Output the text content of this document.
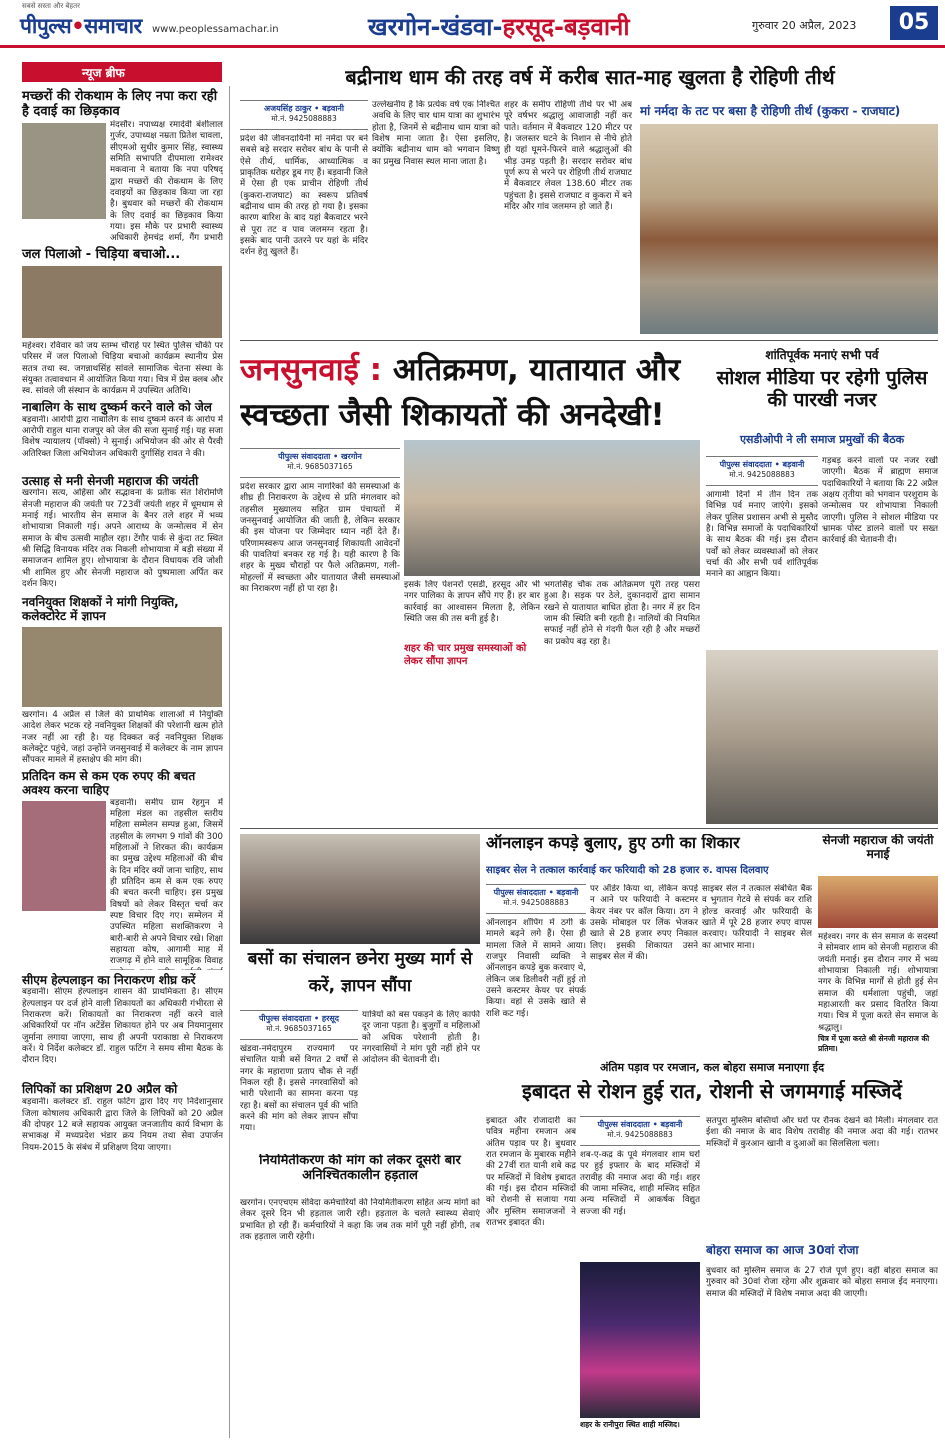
सबसे सस्ता और बेहतर
पीपुल्स•समाचार www.peoplessamachar.in	खरगोन-खंडवा-हरसूद-बड़वानी	गुरुवार 20 अप्रैल, 2023	05
न्यूज ब्रीफ
मच्छरों की रोकथाम के लिए नपा करा रही है दवाई का छिड़काव
मंदसौर। नपाध्यक्ष रमादेवी बंशीलाल गुर्जर, उपाध्यक्ष नम्रता प्रितेश चावला, सीएमओ सुधीर कुमार सिंह, स्वास्थ्य समिति सभापति दीपमाला रामेश्वर मकवाना ने बताया कि नपा परिषद् द्वारा मच्छरों की रोकथाम के लिए दवाइयों का छिड़काव किया जा रहा है। बुधवार को मच्छरों की रोकथाम के लिए दवाई का छिड़काव किया गया। इस मौके पर प्रभारी स्वास्थ्य अधिकारी हेमचंद्र शर्मा, गैंग प्रभारी
जल पिलाओ - चिड़िया बचाओ...
महेश्वर। रविवार को जय स्तम्भ चौराहे पर स्थित पुलिस चौकी पर परिसर में जल पिलाओ चिड़िया बचाओ कार्यक्रम स्थानीय प्रेस सतत्र तथा स्व. जगन्नाथसिंह सांवले सामाजिक चेतना संस्था के संयुक्त तत्वावधान में आयोजित किया गया। चित्र में प्रेस क्लब और स्व. सांवले जी संस्थान के कार्यक्रम में उपस्थित अतिथि।
नाबालिग के साथ दुष्कर्म करने वाले को जेल
बड़वानी। आरोपी द्वारा नाबालिग के साथ दुष्कर्म करने के आरोप में आरोपी राहुल थाना राजपुर को जेल की सजा सुनाई गई। यह सजा विशेष न्यायालय (पॉक्सो) ने सुनाई। अभियोजन की ओर से पैरवी अतिरिक्त जिला अभियोजन अधिकारी दुर्गासिंह रावत ने की।
उत्साह से मनी सेनजी महाराज की जयंती
खरगोन। सत्य, अहिंसा और सद्भावना के प्रतीक संत शिरोमणि सेनजी महाराज की जयंती पर 723वीं जयंती शहर में धूमधाम से मनाई गई। भारतीय सेन समाज के बैनर तले शहर में भव्य शोभायात्रा निकाली गई। अपने आराध्य के जन्मोत्सव में सेन समाज के बीच उत्सवी माहौल रहा। टेंगौर पार्क से कुंदा तट स्थित श्री सिद्धि विनायक मंदिर तक निकली शोभायात्रा में बड़ी संख्या में समाजजन शामिल हुए। शोभायात्रा के दौरान विधायक रवि जोशी भी शामिल हुए और सेनजी महाराज को पुष्पमाला अर्पित कर दर्शन किए।
नवनियुक्त शिक्षकों ने मांगी नियुक्ति, कलेक्टोरेट में ज्ञापन
खरगोन। 4 अप्रैल से जिले की प्राथमिक शालाओं में नियुक्ति आदेश लेकर भटक रहे नवनियुक्त शिक्षकों की परेशानी खत्म होते नजर नहीं आ रही है। यह दिक्कत कई नवनियुक्त शिक्षक कलेक्ट्रेट पहुंचे, जहां उन्होंने जनसुनवाई में कलेक्टर के नाम ज्ञापन सौंपकर मामले में हस्तक्षेप की मांग की।
प्रतिदिन कम से कम एक रुपए की बचत अवश्य करना चाहिए
बड़वानी। समीप ग्राम रेहगुन में महिला मंडल का तहसील स्तरीय महिला सम्मेलन सम्पन्न हुआ, जिसमें तहसील के लगभग 9 गांवों की 300 महिलाओं ने शिरकत की। कार्यक्रम का प्रमुख उद्देश्य महिलाओं की बीच के दिन मंदिर क्यों जाना चाहिए, साथ ही प्रतिदिन कम से कम एक रुपए की बचत करनी चाहिए। इस प्रमुख विषयों को लेकर विस्तृत चर्चा कर स्पष्ट विचार दिए गए। सम्मेलन में उपस्थित महिला सशक्तिकरण ने बारी-बारी से अपने विचार रखे। शिक्षा सहायता कोष, आगामी माह में राजगढ़ में होने वाले सामूहिक विवाह
सीएम हेल्पलाइन का निराकरण शीघ्र करें
बड़वानी। सीएम हेल्पलाइन शासन की प्राथमिकता है। सीएम हेल्पलाइन पर दर्ज होने वाली शिकायतों का अधिकारी गंभीरता से निराकरण करें। शिकायतों का निराकरण नहीं करने वाले अधिकारियों पर नॉन अटेंडेंस शिकायत होने पर अब नियमानुसार जुर्माना लगाया जाएगा, साथ ही अपनी पराकाष्ठा से निराकरण करें। ये निर्देश कलेक्टर डॉ. राहुल फटिंग ने समय सीमा बैठक के दौरान दिए।
लिपिकों का प्रशिक्षण 20 अप्रैल को
बड़वानी। कलेक्टर डॉ. राहुल फटिंग द्वारा दिए गए निर्देशानुसार जिला कोषालय अधिकारी द्वारा जिले के लिपिकों को 20 अप्रैल की दोपहर 12 बजे सहायक आयुक्त जनजातीय कार्य विभाग के सभाकक्ष में मध्यप्रदेश भंडार क्रय नियम तथा सेवा उपार्जन नियम-2015 के संबंध में प्रशिक्षण दिया जाएगा।
बद्रीनाथ धाम की तरह वर्ष में करीब सात-माह खुलता है रोहिणी तीर्थ
अजयसिंह ठाकुर • बड़वानी
मो.नं. 9425088883
प्रदेश की जीवनदायिनी मां नर्मदा पर बने सबसे बड़े सरदार सरोवर बांध के पानी से ऐसे तीर्थ, धार्मिक, आध्यात्मिक व प्राकृतिक धरोहर डूब गए हैं। बड़वानी जिले में ऐसा ही एक प्राचीन रोहिणी तीर्थ (कुकरा-राजघाट) का स्वरूप प्रतिवर्ष बद्रीनाथ धाम की तरह हो गया है। इसका कारण बारिश के बाद यहां बैकवाटर भरने से पूरा तट व पाव जलमग्न रहता है। इसके बाद पानी उतरने पर यहां के मंदिर दर्शन हेतु खुलते हैं।
उल्लेखनीय है कि प्रत्येक वर्ष एक निश्चित अवधि के लिए चार धाम यात्रा का शुभारंभ होता है, जिनमें से बद्रीनाथ धाम यात्रा को विशेष माना जाता है। ऐसा इसलिए, क्योंकि बद्रीनाथ धाम को भगवान विष्णु का प्रमुख निवास स्थल माना जाता है।
शहर के समीप रोहिणी तीर्थ पर भी अब पूरे वर्षभर श्रद्धालु आवाजाही नहीं कर पाते। वर्तमान में बैकवाटर 120 मीटर पर है। जलस्तर घटने के निशान से नीचे होते ही यहां घूमने-फिरने वाले श्रद्धालुओं की भीड़ उमड़ पड़ती है। सरदार सरोवर बांध पूर्ण रूप से भरने पर रोहिणी तीर्थ राजघाट में बैकवाटर लेवल 138.60 मीटर तक पहुंचता है। इससे राजघाट व कुकरा में बने मंदिर और गांव जलमग्न हो जाते हैं।
मां नर्मदा के तट पर बसा है रोहिणी तीर्थ (कुकरा - राजघाट)
जनसुनवाई : अतिक्रमण, यातायात और स्वच्छता जैसी शिकायतों की अनदेखी!
पीपुल्स संवाददाता • खरगोन
मो.नं. 9685037165
प्रदेश सरकार द्वारा आम नागरिकों की समस्याओं के शीघ्र ही निराकरण के उद्देश्य से प्रति मंगलवार को तहसील मुख्यालय सहित ग्राम पंचायतों में जनसुनवाई आयोजित की जाती है, लेकिन सरकार की इस योजना पर जिम्मेदार ध्यान नहीं देते हैं। परिणामस्वरूप आज जनसुनवाई शिकायती आवेदनों की पावतियां बनकर रह गई है। यही कारण है कि शहर के मुख्य चौराहों पर फैले अतिक्रमण, गली-मोहल्लों में स्वच्छता और यातायात जैसी समस्याओं का निराकरण नहीं हो पा रहा है।	इसके लिए पेशनरों एसडी, हरसूद और भी नगर पालिका के ज्ञापन सौंपे गए हैं। हर बार कार्रवाई का आश्वासन मिलता है, लेकिन स्थिति जस की तस बनी हुई है।
शहर की चार प्रमुख समस्याओं को लेकर सौंपा ज्ञापन
भगतसिंह चौक तक अतिक्रमण पूरी तरह पसरा हुआ है। सड़क पर ठेले, दुकानदारों द्वारा सामान रखने से यातायात बाधित होता है। नगर में हर दिन जाम की स्थिति बनी रहती है। नालियों की नियमित सफाई नहीं होने से गंदगी फैल रही है और मच्छरों का प्रकोप बढ़ रहा है।
शांतिपूर्वक मनाएं सभी पर्व
सोशल मीडिया पर रहेगी पुलिस की पारखी नजर
एसडीओपी ने ली समाज प्रमुखों की बैठक
पीपुल्स संवाददाता • बड़वानी
मो.नं. 9425088883
आगामी दिनों में तीन दिन तक विभिन्न पर्व मनाए जाएंगे। इसको लेकर पुलिस प्रशासन अभी से मुस्तैद है। विभिन्न समाजों के पदाधिकारियों के साथ बैठक की गई। इस दौरान पर्वों को लेकर व्यवस्थाओं को लेकर चर्चा की और सभी पर्व शांतिपूर्वक मनाने का आह्वान किया।
गड़बड़ करने वालों पर नजर रखी जाएगी। बैठक में ब्राह्मण समाज पदाधिकारियों ने बताया कि 22 अप्रैल अक्षय तृतीया को भगवान परशुराम के जन्मोत्सव पर शोभायात्रा निकाली जाएगी। पुलिस ने सोशल मीडिया पर भ्रामक पोस्ट डालने वालों पर सख्त कार्रवाई की चेतावनी दी।
बसों का संचालन छनेरा मुख्य मार्ग से करें, ज्ञापन सौंपा
पीपुल्स संवाददाता • हरसूद
मो.नं. 9685037165
खंडवा-नर्मदापुरम राज्यमार्ग पर संचालित यात्री बसें विगत 2 वर्षों से नगर के महाराणा प्रताप चौक से नहीं निकल रही हैं। इससे नगरवासियों को भारी परेशानी का सामना करना पड़ रहा है। बसों का संचालन पूर्व की भांति करने की मांग को लेकर ज्ञापन सौंपा गया।
यात्रियों को बस पकड़ने के लिए काफी दूर जाना पड़ता है। बुजुर्गों व महिलाओं को अधिक परेशानी होती है। नगरवासियों ने मांग पूरी नहीं होने पर आंदोलन की चेतावनी दी।
नियमितीकरण की मांग को लेकर दूसरी बार अनिश्चितकालीन हड़ताल
खरगोन। एनएचएम संविदा कर्मचारियों की नियमितीकरण सहित अन्य मांगों को लेकर दूसरे दिन भी हड़ताल जारी रही। हड़ताल के चलते स्वास्थ्य सेवाएं प्रभावित हो रही हैं। कर्मचारियों ने कहा कि जब तक मांगें पूरी नहीं होंगी, तब तक हड़ताल जारी रहेगी।
ऑनलाइन कपड़े बुलाए, हुए ठगी का शिकार
साइबर सेल ने तत्काल कार्रवाई कर फरियादी को 28 हजार रु. वापस दिलवाए
पीपुल्स संवाददाता • बड़वानी
मो.नं. 9425088883
ऑनलाइन शॉपिंग में ठगी के मामले बढ़ने लगे हैं। ऐसा ही मामला जिले में सामने आया। राजपुर निवासी व्यक्ति ने ऑनलाइन कपड़े बुक करवाए थे, लेकिन जब डिलीवरी नहीं हुई तो उसने कस्टमर केयर पर संपर्क किया। वहां से उसके खाते से राशि कट गई।
पर ऑर्डर किया था, लेकिन कपड़े न आने पर फरियादी ने कस्टमर केयर नंबर पर कॉल किया। ठग ने उसके मोबाइल पर लिंक भेजकर खाते से 28 हजार रुपए निकाल लिए। इसकी शिकायत उसने साइबर सेल में की।
साइबर सेल ने तत्काल संबंधित बैंक व भुगतान गेटवे से संपर्क कर राशि होल्ड करवाई और फरियादी के खाते में पूरे 28 हजार रुपए वापस करवाए। फरियादी ने साइबर सेल का आभार माना।
सेनजी महाराज की जयंती मनाई
महेश्वर। नगर के सेन समाज के सदस्यों ने सोमवार शाम को सेनजी महाराज की जयंती मनाई। इस दौरान नगर में भव्य शोभायात्रा निकाली गई। शोभायात्रा नगर के विभिन्न मार्गों से होती हुई सेन समाज की धर्मशाला पहुंची, जहां महाआरती कर प्रसाद वितरित किया गया। चित्र में पूजा करते सेन समाज के श्रद्धालु।
चित्र में पूजा करते श्री सेनजी महाराज की प्रतिमा।
अंतिम पड़ाव पर रमजान, कल बोहरा समाज मनाएगा ईद
इबादत से रोशन हुई रात, रोशनी से जगमगाई मस्जिदें
पीपुल्स संवाददाता • बड़वानी
मो.नं. 9425088883
इबादत और रोजादारी का पवित्र महीना रमजान अब अंतिम पड़ाव पर है। बुधवार रात रमजान के मुबारक महीने की 27वीं रात यानी शबे कद्र पर मस्जिदों में विशेष इबादत की गई। इस दौरान मस्जिदों को रोशनी से सजाया गया और मुस्लिम समाजजनों ने रातभर इबादत की।
शब-ए-कद्र के पूर्व मंगलवार शाम घरों पर हुई इफ्तार के बाद मस्जिदों में तरावीह की नमाज अदा की गई। शहर की जामा मस्जिद, शाही मस्जिद सहित अन्य मस्जिदों में आकर्षक विद्युत सज्जा की गई।
शहर के रानीपुरा स्थित शाही मस्जिद।
सतपुरा मुस्लिम बस्तियों और घरों पर रौनक देखने को मिली। मंगलवार रात ईशा की नमाज के बाद विशेष तरावीह की नमाज अदा की गई। रातभर मस्जिदों में कुरआन खानी व दुआओं का सिलसिला चला।
बोहरा समाज का आज 30वां रोजा
बुधवार को मुस्लिम समाज के 27 रोजे पूर्ण हुए। वहीं बोहरा समाज का गुरुवार को 30वां रोजा रहेगा और शुक्रवार को बोहरा समाज ईद मनाएगा। समाज की मस्जिदों में विशेष नमाज अदा की जाएगी।
